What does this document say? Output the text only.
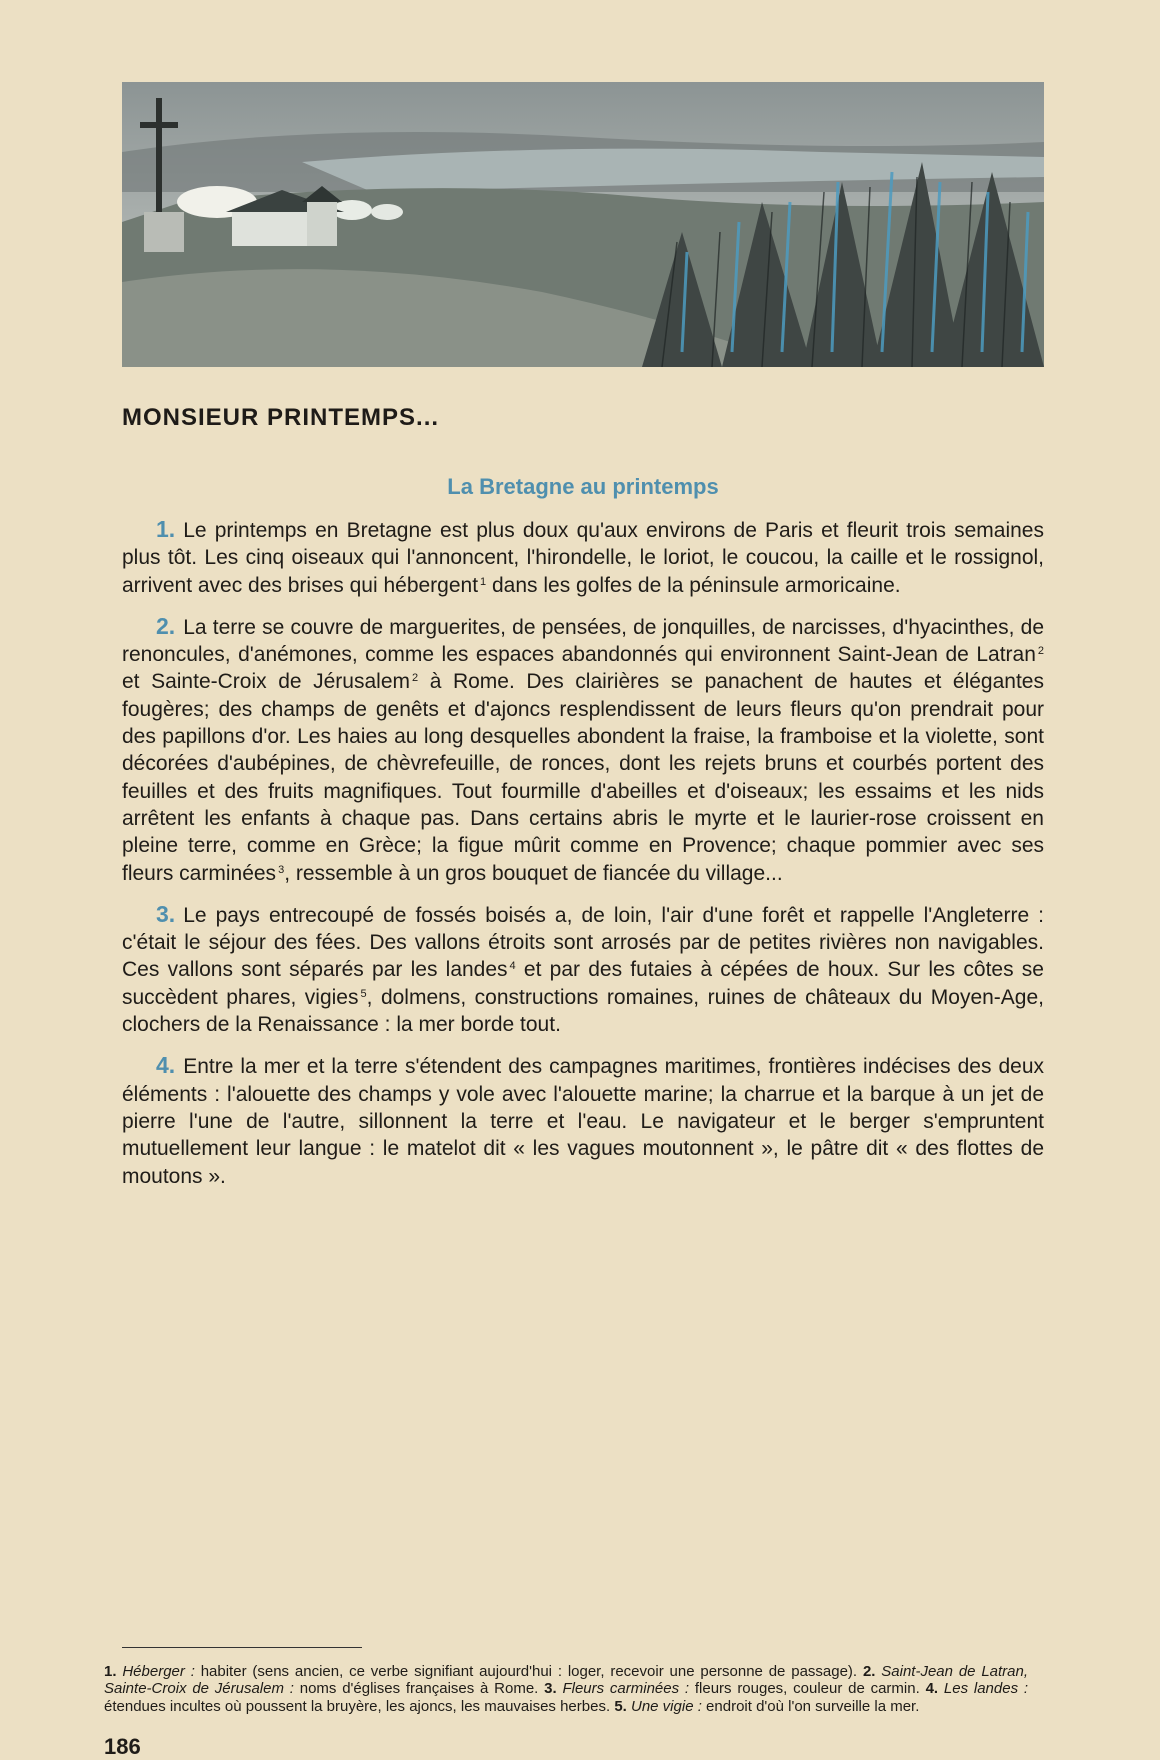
MONSIEUR PRINTEMPS...
La Bretagne au printemps

1. Le printemps en Bretagne est plus doux qu'aux environs de Paris et fleurit trois semaines plus tôt. Les cinq oiseaux qui l'annoncent, l'hirondelle, le loriot, le coucou, la caille et le rossignol, arrivent avec des brises qui hébergent $^1$ dans les golfes de la péninsule armoricaine.

2. La terre se couvre de marguerites, de pensées, de jonquilles, de narcisses, d'hyacinthes, de renoncules, d'anémones, comme les espaces abandonnés qui environnent Saint-Jean de Latran $^2$ et Sainte-Croix de Jérusalem $^2$ à Rome. Des clairières se panachent de hautes et élégantes fougères; des champs de genêts et d'ajoncs resplendissent de leurs fleurs qu'on prendrait pour des papillons d'or. Les haies au long desquelles abondent la fraise, la framboise et la violette, sont décorées d'aubépines, de chèvrefeuille, de ronces, dont les rejets bruns et courbés portent des feuilles et des fruits magnifiques. Tout fourmille d'abeilles et d'oiseaux; les essaims et les nids arrêtent les enfants à chaque pas. Dans certains abris le myrte et le laurier-rose croissent en pleine terre, comme en Grèce; la figue mûrit comme en Provence; chaque pommier avec ses fleurs carminées $^3$, ressemble à un gros bouquet de fiancée du village...

3. Le pays entrecoupé de fossés boisés a, de loin, l'air d'une forêt et rappelle l'Angleterre : c'était le séjour des fées. Des vallons étroits sont arrosés par de petites rivières non navigables. Ces vallons sont séparés par les landes $^4$ et par des futaies à cépées de houx. Sur les côtes se succèdent phares, vigies $^5$, dolmens, constructions romaines, ruines de châteaux du Moyen-Age, clochers de la Renaissance : la mer borde tout.

4. Entre la mer et la terre s'étendent des campagnes maritimes, frontières indécises des deux éléments : l'alouette des champs y vole avec l'alouette marine; la charrue et la barque à un jet de pierre l'une de l'autre, sillonnent la terre et l'eau. Le navigateur et le berger s'empruntent mutuellement leur langue : le matelot dit « les vagues moutonnent », le pâtre dit « des flottes de moutons ».

1. Héberger : habiter (sens ancien, ce verbe signifiant aujourd'hui : loger, recevoir une personne de passage). 2. Saint-Jean de Latran, Sainte-Croix de Jérusalem : noms d'églises françaises à Rome. 3. Fleurs carminées : fleurs rouges, couleur de carmin. 4. Les landes : étendues incultes où poussent la bruyère, les ajoncs, les mauvaises herbes. 5. Une vigie : endroit d'où l'on surveille la mer.
186
